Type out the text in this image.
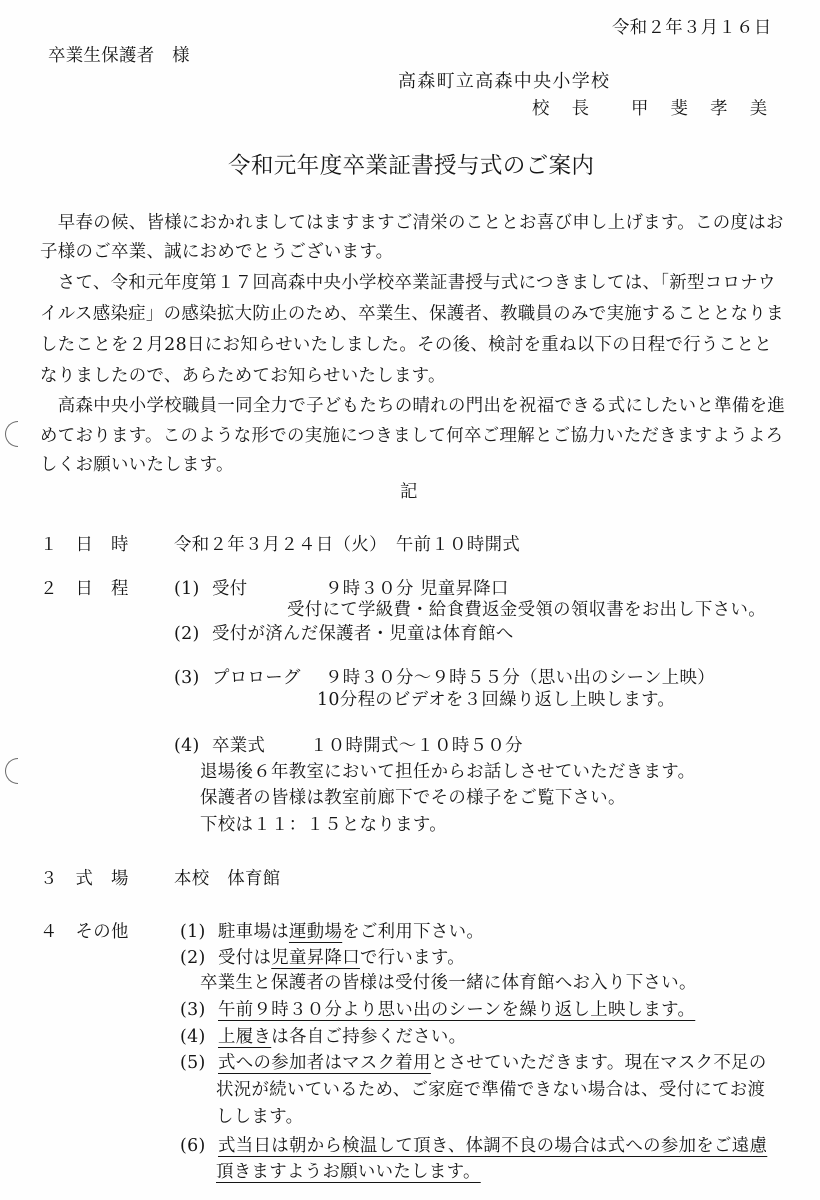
令和２年３月１６日
卒業生保護者　様
高森町立高森中央小学校
校　長　　甲　斐　孝　美
令和元年度卒業証書授与式のご案内
　早春の候、皆様におかれましてはますますご清栄のこととお喜び申し上げます。この度はお
子様のご卒業、誠におめでとうございます。
　さて、令和元年度第１７回高森中央小学校卒業証書授与式につきましては、「新型コロナウ
イルス感染症」の感染拡大防止のため、卒業生、保護者、教職員のみで実施することとなりま
したことを２月28日にお知らせいたしました。その後、検討を重ね以下の日程で行うことと
なりましたので、あらためてお知らせいたします。
　高森中央小学校職員一同全力で子どもたちの晴れの門出を祝福できる式にしたいと準備を進
めております。このような形での実施につきまして何卒ご理解とご協力いただきますようよろ
しくお願いいたします。
記
１　日　時	令和２年３月２４日（火）　午前１０時開式
２　日　程	(1) 受付	９時３０分 児童昇降口
受付にて学級費・給食費返金受領の領収書をお出し下さい。
(2) 受付が済んだ保護者・児童は体育館へ
(3) プロローグ ９時３０分～９時５５分（思い出のシーン上映）
10分程のビデオを３回繰り返し上映します。
(4) 卒業式	１０時開式～１０時５０分
退場後６年教室において担任からお話しさせていただきます。
保護者の皆様は教室前廊下でその様子をご覧下さい。
下校は１１：１５となります。
３　式　場	本校　体育館
４　その他	(1) 駐車場は運動場をご利用下さい。
(2) 受付は児童昇降口で行います。
卒業生と保護者の皆様は受付後一緒に体育館へお入り下さい。
(3) 午前９時３０分より思い出のシーンを繰り返し上映します。
(4) 上履きは各自ご持参ください。
(5) 式への参加者はマスク着用とさせていただきます。現在マスク不足の
状況が続いているため、ご家庭で準備できない場合は、受付にてお渡
しします。
(6) 式当日は朝から検温して頂き、体調不良の場合は式への参加をご遠慮
頂きますようお願いいたします。
